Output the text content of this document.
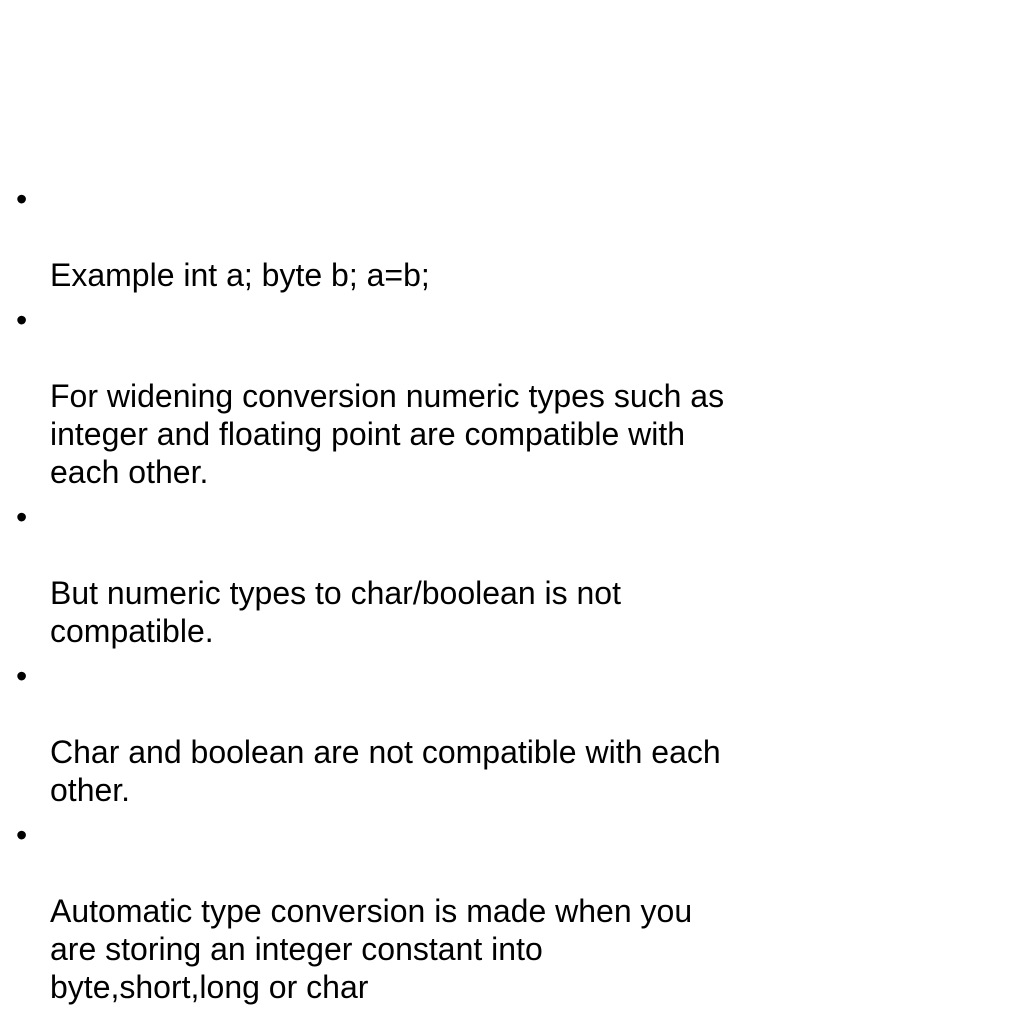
•

Example int a; byte b; a=b;

•

For widening conversion numeric types such as
integer and floating point are compatible with
each other.

•

But numeric types to char/boolean is not
compatible.

•

Char and boolean are not compatible with each
other.

•

Automatic type conversion is made when you
are storing an integer constant into
byte,short,long or char
